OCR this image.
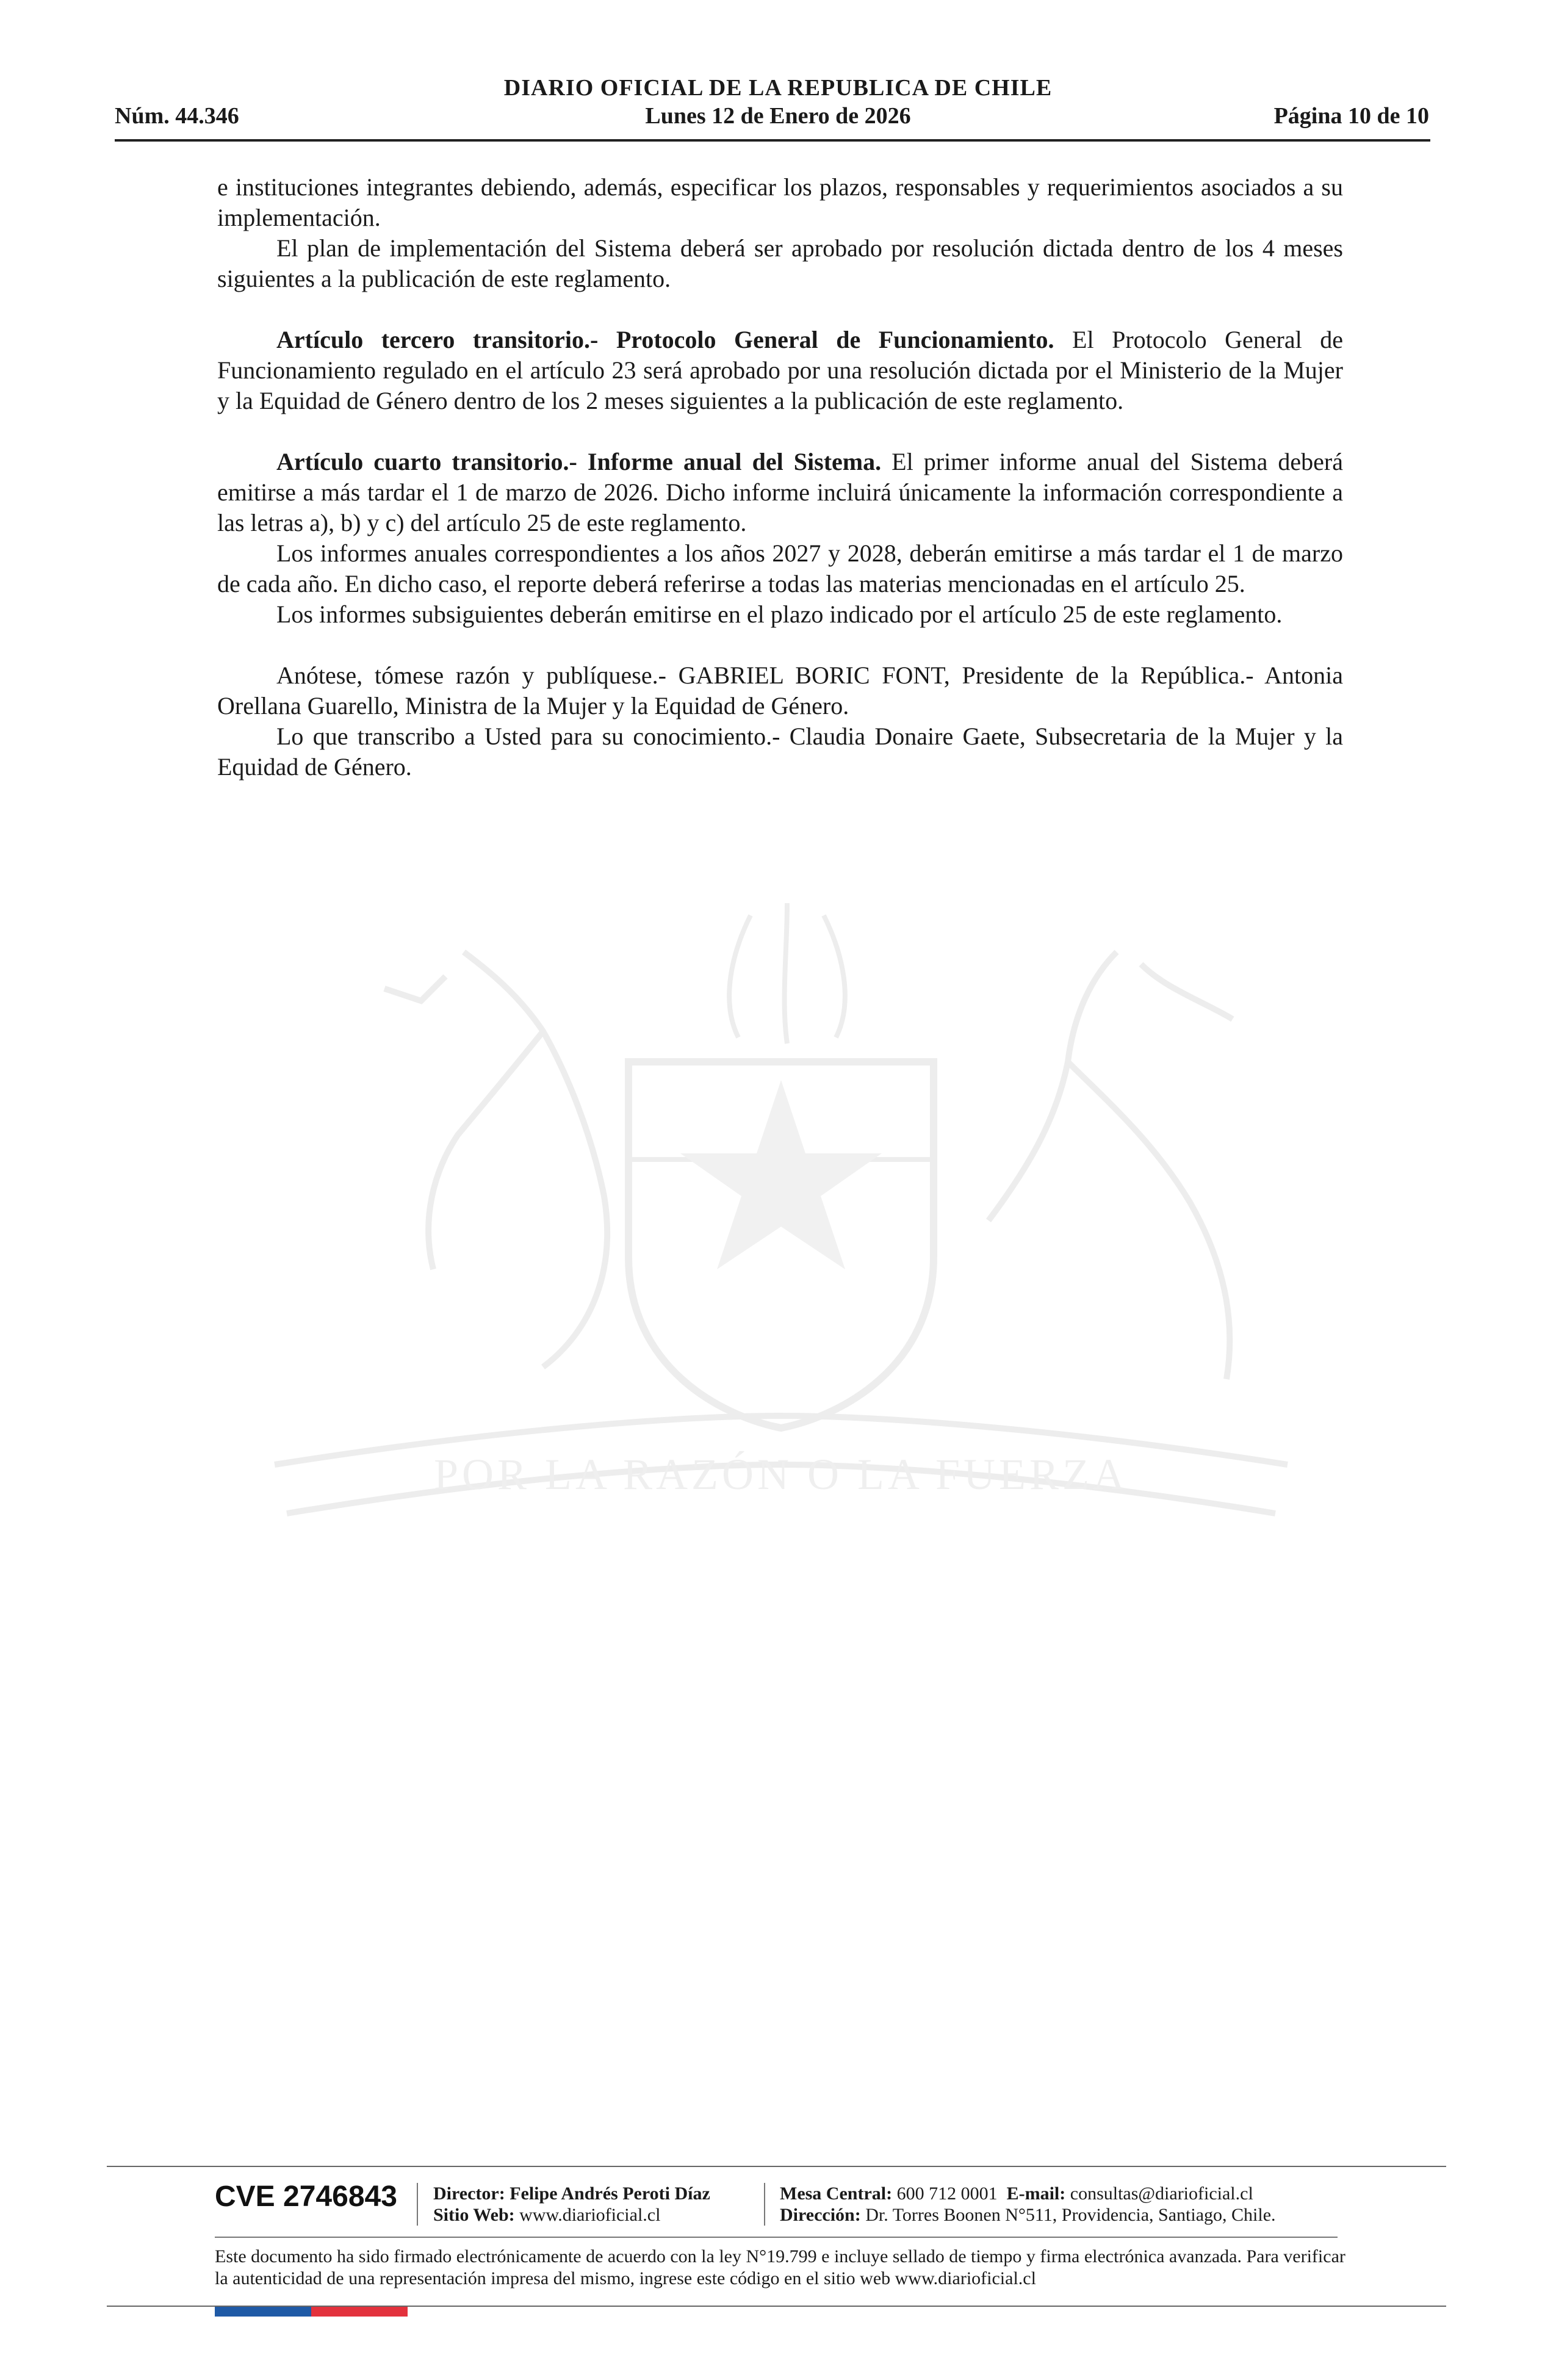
DIARIO OFICIAL DE LA REPUBLICA DE CHILE
Núm. 44.346	Lunes 12 de Enero de 2026	Página 10 de 10
POR LA RAZÓN O LA FUERZA

e instituciones integrantes debiendo, además, especificar los plazos, responsables y requerimientos asociados a su implementación.

El plan de implementación del Sistema deberá ser aprobado por resolución dictada dentro de los 4 meses siguientes a la publicación de este reglamento.

Artículo tercero transitorio.- Protocolo General de Funcionamiento. El Protocolo General de Funcionamiento regulado en el artículo 23 será aprobado por una resolución dictada por el Ministerio de la Mujer y la Equidad de Género dentro de los 2 meses siguientes a la publicación de este reglamento.

Artículo cuarto transitorio.- Informe anual del Sistema. El primer informe anual del Sistema deberá emitirse a más tardar el 1 de marzo de 2026. Dicho informe incluirá únicamente la información correspondiente a las letras a), b) y c) del artículo 25 de este reglamento.

Los informes anuales correspondientes a los años 2027 y 2028, deberán emitirse a más tardar el 1 de marzo de cada año. En dicho caso, el reporte deberá referirse a todas las materias mencionadas en el artículo 25.

Los informes subsiguientes deberán emitirse en el plazo indicado por el artículo 25 de este reglamento.

Anótese, tómese razón y publíquese.- GABRIEL BORIC FONT, Presidente de la República.- Antonia Orellana Guarello, Ministra de la Mujer y la Equidad de Género.

Lo que transcribo a Usted para su conocimiento.- Claudia Donaire Gaete, Subsecretaria de la Mujer y la Equidad de Género.

CVE 2746843 Director: Felipe Andrés Peroti Díaz
Sitio Web: www.diarioficial.cl
Mesa Central: 600 712 0001 E-mail: consultas@diarioficial.cl
Dirección: Dr. Torres Boonen N°511, Providencia, Santiago, Chile.
Este documento ha sido firmado electrónicamente de acuerdo con la ley N°19.799 e incluye sellado de tiempo y firma electrónica avanzada. Para verificar la autenticidad de una representación impresa del mismo, ingrese este código en el sitio web www.diarioficial.cl
